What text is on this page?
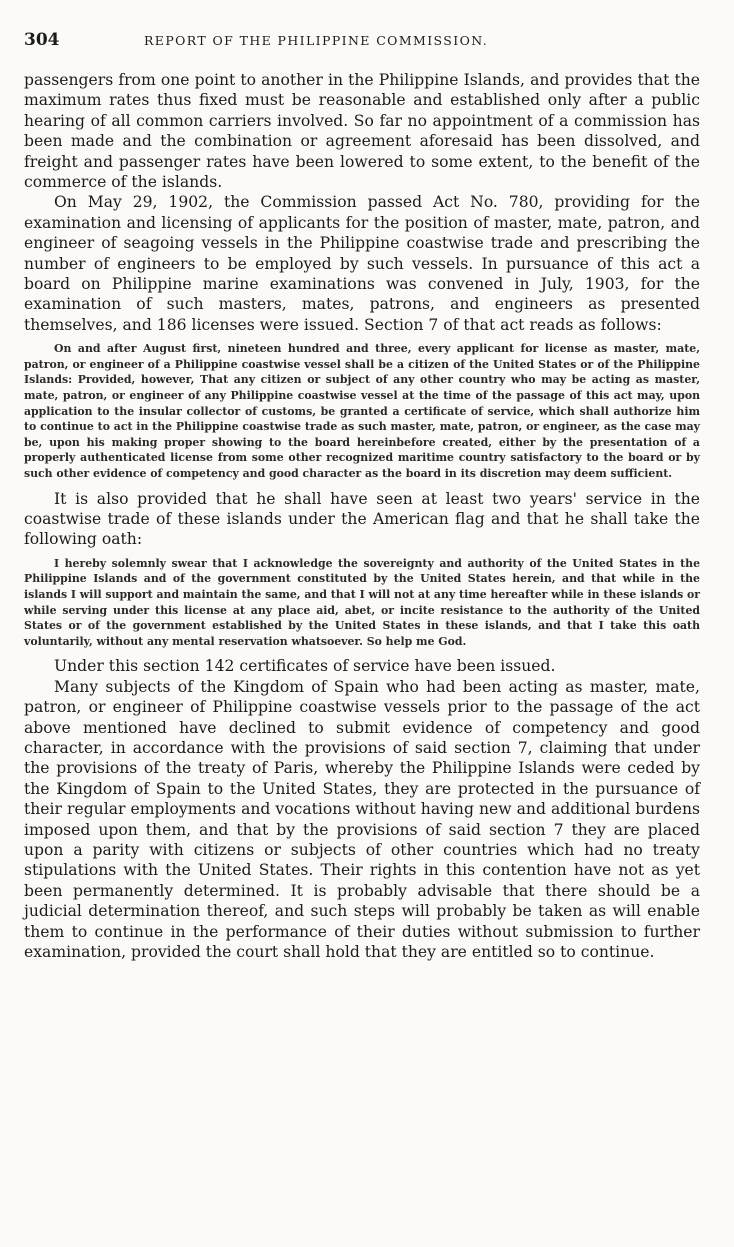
304	REPORT OF THE PHILIPPINE COMMISSION.

passengers from one point to another in the Philippine Islands, and provides that the maximum rates thus fixed must be reasonable and established only after a public hearing of all common carriers involved. So far no appointment of a commission has been made and the combination or agreement aforesaid has been dissolved, and freight and passenger rates have been lowered to some extent, to the benefit of the commerce of the islands.

On May 29, 1902, the Commission passed Act No. 780, providing for the examination and licensing of applicants for the position of master, mate, patron, and engineer of seagoing vessels in the Philippine coastwise trade and prescribing the number of engineers to be employed by such vessels. In pursuance of this act a board on Philippine marine examinations was convened in July, 1903, for the examination of such masters, mates, patrons, and engineers as presented themselves, and 186 licenses were issued. Section 7 of that act reads as follows:

On and after August first, nineteen hundred and three, every applicant for license as master, mate, patron, or engineer of a Philippine coastwise vessel shall be a citizen of the United States or of the Philippine Islands: Provided, however, That any citizen or subject of any other country who may be acting as master, mate, patron, or engineer of any Philippine coastwise vessel at the time of the passage of this act may, upon application to the insular collector of customs, be granted a certificate of service, which shall authorize him to continue to act in the Philippine coastwise trade as such master, mate, patron, or engineer, as the case may be, upon his making proper showing to the board hereinbefore created, either by the presentation of a properly authenticated license from some other recognized maritime country satisfactory to the board or by such other evidence of competency and good character as the board in its discretion may deem sufficient.

It is also provided that he shall have seen at least two years' service in the coastwise trade of these islands under the American flag and that he shall take the following oath:

I hereby solemnly swear that I acknowledge the sovereignty and authority of the United States in the Philippine Islands and of the government constituted by the United States herein, and that while in the islands I will support and maintain the same, and that I will not at any time hereafter while in these islands or while serving under this license at any place aid, abet, or incite resistance to the authority of the United States or of the government established by the United States in these islands, and that I take this oath voluntarily, without any mental reservation whatsoever. So help me God.

Under this section 142 certificates of service have been issued.

Many subjects of the Kingdom of Spain who had been acting as master, mate, patron, or engineer of Philippine coastwise vessels prior to the passage of the act above mentioned have declined to submit evidence of competency and good character, in accordance with the provisions of said section 7, claiming that under the provisions of the treaty of Paris, whereby the Philippine Islands were ceded by the Kingdom of Spain to the United States, they are protected in the pursuance of their regular employments and vocations without having new and additional burdens imposed upon them, and that by the provisions of said section 7 they are placed upon a parity with citizens or subjects of other countries which had no treaty stipulations with the United States. Their rights in this contention have not as yet been permanently determined. It is probably advisable that there should be a judicial determination thereof, and such steps will probably be taken as will enable them to continue in the performance of their duties without submission to further examination, provided the court shall hold that they are entitled so to continue.
